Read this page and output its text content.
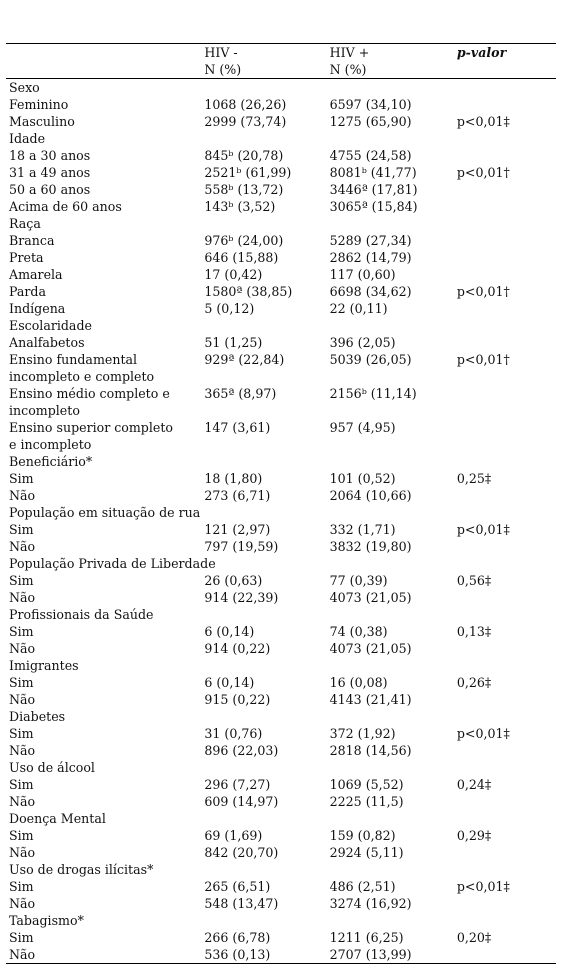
	HIV -	HIV +	p-valor
	N (%)	N (%)	
Sexo			
Feminino	1068 (26,26)	6597 (34,10)	
Masculino	2999 (73,74)	1275 (65,90)	p<0,01‡
Idade			
18 a 30 anos	845ᵇ (20,78)	4755 (24,58)	
31 a 49 anos	2521ᵇ (61,99)	8081ᵇ (41,77)	p<0,01†
50 a 60 anos	558ᵇ (13,72)	3446ª (17,81)	
Acima de 60 anos	143ᵇ (3,52)	3065ª (15,84)	
Raça			
Branca	976ᵇ (24,00)	5289 (27,34)	
Preta	646 (15,88)	2862 (14,79)	
Amarela	17 (0,42)	117 (0,60)	
Parda	1580ª (38,85)	6698 (34,62)	p<0,01†
Indígena	5 (0,12)	22 (0,11)	
Escolaridade			
Analfabetos	51 (1,25)	396 (2,05)	

Ensino fundamental
incompleto e completo	929ª (22,84)	5039 (26,05)	p<0,01†

Ensino médio completo e
incompleto	365ª (8,97)	2156ᵇ (11,14)	

Ensino superior completo
e incompleto	147 (3,61)	957 (4,95)	
Beneficiário*			
Sim	18 (1,80)	101 (0,52)	0,25‡
Não	273 (6,71)	2064 (10,66)	
População em situação de rua			
Sim	121 (2,97)	332 (1,71)	p<0,01‡
Não	797 (19,59)	3832 (19,80)	
População Privada de Liberdade			
Sim	26 (0,63)	77 (0,39)	0,56‡
Não	914 (22,39)	4073 (21,05)	
Profissionais da Saúde			
Sim	6 (0,14)	74 (0,38)	0,13‡
Não	914 (0,22)	4073 (21,05)	
Imigrantes			
Sim	6 (0,14)	16 (0,08)	0,26‡
Não	915 (0,22)	4143 (21,41)	
Diabetes			
Sim	31 (0,76)	372 (1,92)	p<0,01‡
Não	896 (22,03)	2818 (14,56)	
Uso de álcool			
Sim	296 (7,27)	1069 (5,52)	0,24‡
Não	609 (14,97)	2225 (11,5)	
Doença Mental			
Sim	69 (1,69)	159 (0,82)	0,29‡
Não	842 (20,70)	2924 (5,11)	
Uso de drogas ilícitas*			
Sim	265 (6,51)	486 (2,51)	p<0,01‡
Não	548 (13,47)	3274 (16,92)	
Tabagismo*			
Sim	266 (6,78)	1211 (6,25)	0,20‡
Não	536 (0,13)	2707 (13,99)	
